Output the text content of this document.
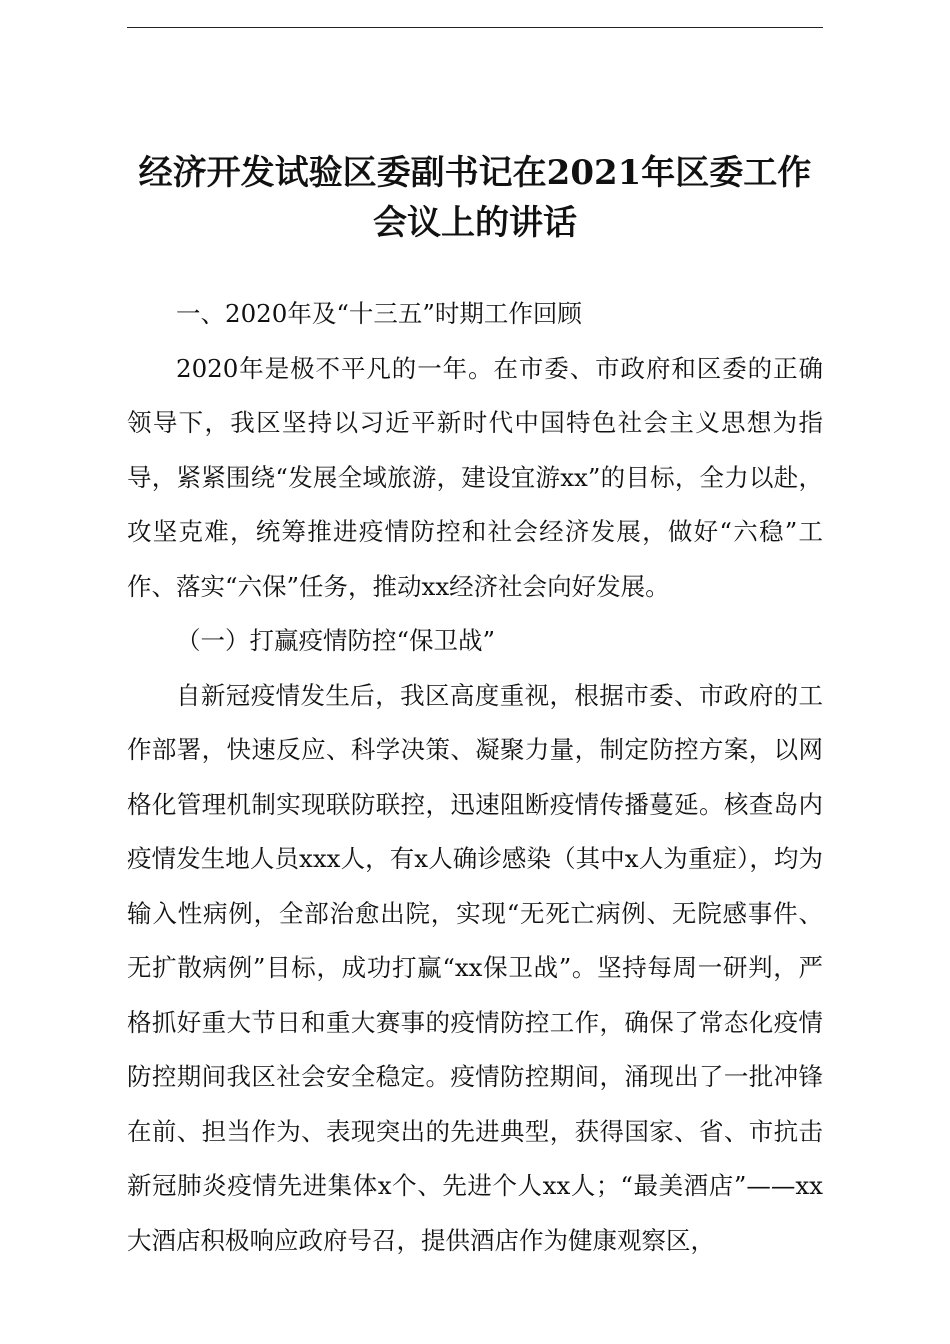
经济开发试验区委副书记在2021年区委工作
会议上的讲话

一、2020年及“十三五”时期工作回顾

2020年是极不平凡的一年。在市委、市政府和区委的正确领导下，我区坚持以习近平新时代中国特色社会主义思想为指导，紧紧围绕“发展全域旅游，建设宜游xx”的目标，全力以赴，攻坚克难，统筹推进疫情防控和社会经济发展，做好“六稳”工作、落实“六保”任务，推动xx经济社会向好发展。

（一）打赢疫情防控“保卫战”

自新冠疫情发生后，我区高度重视，根据市委、市政府的工作部署，快速反应、科学决策、凝聚力量，制定防控方案，以网格化管理机制实现联防联控，迅速阻断疫情传播蔓延。核查岛内疫情发生地人员xxx人，有x人确诊感染（其中x人为重症），均为输入性病例，全部治愈出院，实现“无死亡病例、无院感事件、无扩散病例”目标，成功打赢“xx保卫战”。坚持每周一研判，严格抓好重大节日和重大赛事的疫情防控工作，确保了常态化疫情防控期间我区社会安全稳定。疫情防控期间，涌现出了一批冲锋在前、担当作为、表现突出的先进典型，获得国家、省、市抗击新冠肺炎疫情先进集体x个、先进个人xx人；“最美酒店”——xx大酒店积极响应政府号召，提供酒店作为健康观察区，
